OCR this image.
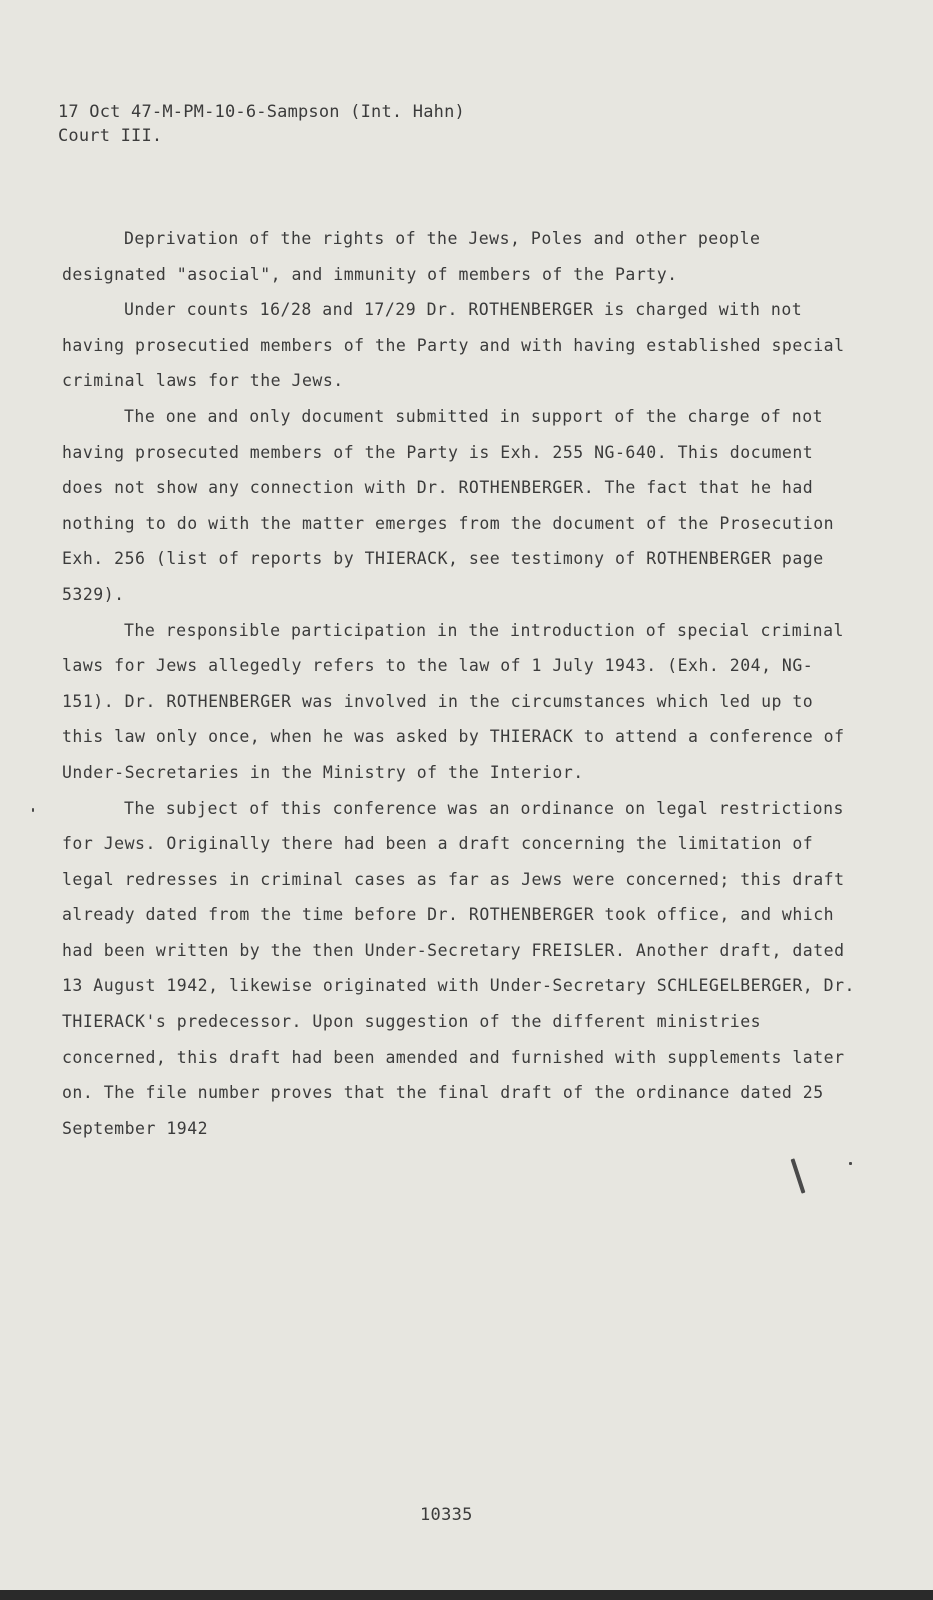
17 Oct 47-M-PM-10-6-Sampson (Int. Hahn)
Court III.

Deprivation of the rights of the Jews, Poles and other people designated "asocial", and immunity of members of the Party.

Under counts 16/28 and 17/29 Dr. ROTHENBERGER is charged with not having prosecutied members of the Party and with having established special criminal laws for the Jews.

The one and only document submitted in support of the charge of not having prosecuted members of the Party is Exh. 255 NG-640. This document does not show any connection with Dr. ROTHENBERGER. The fact that he had nothing to do with the matter emerges from the document of the Prosecution Exh. 256 (list of reports by THIERACK, see testimony of ROTHENBERGER page 5329).

The responsible participation in the introduction of special criminal laws for Jews allegedly refers to the law of 1 July 1943. (Exh. 204, NG-151). Dr. ROTHENBERGER was involved in the circumstances which led up to this law only once, when he was asked by THIERACK to attend a conference of Under-Secretaries in the Ministry of the Interior.

The subject of this conference was an ordinance on legal restrictions for Jews. Originally there had been a draft concerning the limitation of legal redresses in criminal cases as far as Jews were concerned; this draft already dated from the time before Dr. ROTHENBERGER took office, and which had been written by the then Under-Secretary FREISLER. Another draft, dated 13 August 1942, likewise originated with Under-Secretary SCHLEGELBERGER, Dr. THIERACK's predecessor. Upon suggestion of the different ministries concerned, this draft had been amended and furnished with supplements later on. The file number proves that the final draft of the ordinance dated 25 September 1942

10335
